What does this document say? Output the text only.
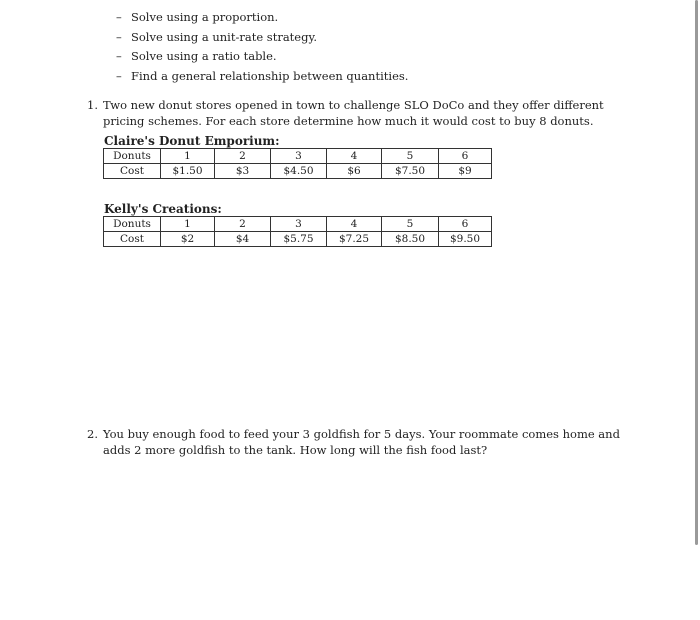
– Solve using a proportion.
– Solve using a unit-rate strategy.
– Solve using a ratio table.
– Find a general relationship between quantities.
1. Two new donut stores opened in town to challenge SLO DoCo and they offer different pricing schemes. For each store determine how much it would cost to buy 8 donuts.
Claire's Donut Emporium:
Donuts	1	2	3	4	5	6
Cost	$1.50	$3	$4.50	$6	$7.50	$9
Kelly's Creations:
Donuts	1	2	3	4	5	6
Cost	$2	$4	$5.75	$7.25	$8.50	$9.50
2. You buy enough food to feed your 3 goldfish for 5 days. Your roommate comes home and adds 2 more goldfish to the tank. How long will the fish food last?
